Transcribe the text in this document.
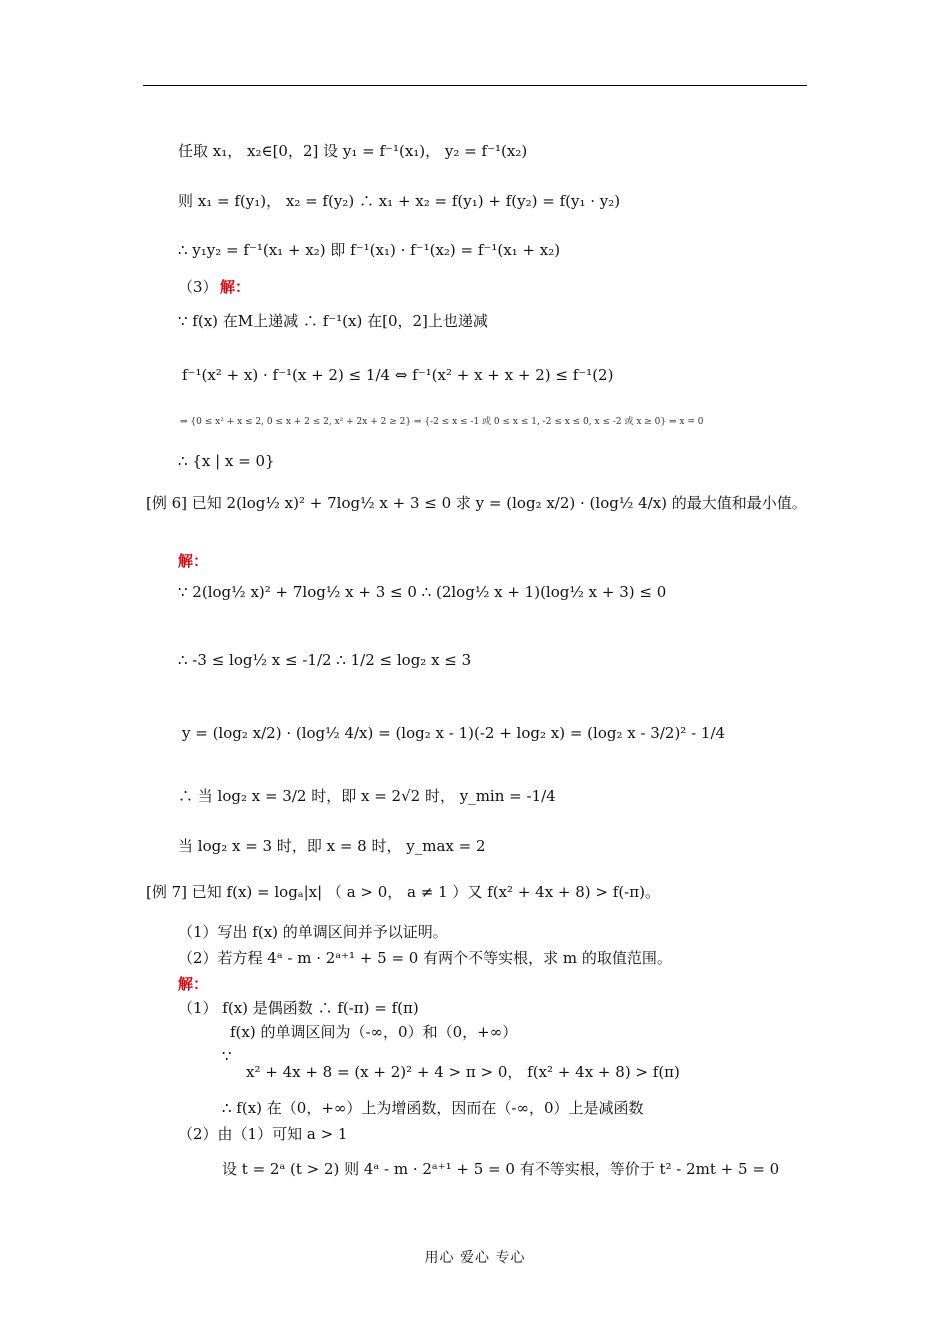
任取 x₁， x₂∈[0，2] 设 y₁ = f⁻¹(x₁)， y₂ = f⁻¹(x₂)
则 x₁ = f(y₁)， x₂ = f(y₂) ∴ x₁ + x₂ = f(y₁) + f(y₂) = f(y₁ · y₂)
∴ y₁y₂ = f⁻¹(x₁ + x₂) 即 f⁻¹(x₁) · f⁻¹(x₂) = f⁻¹(x₁ + x₂)
（3） 解：
∵ f(x) 在M上递减 ∴ f⁻¹(x) 在[0，2]上也递减
f⁻¹(x² + x) · f⁻¹(x + 2) ≤ 1/4 ⇔ f⁻¹(x² + x + x + 2) ≤ f⁻¹(2)
⇒ {0 ≤ x² + x ≤ 2, 0 ≤ x + 2 ≤ 2, x² + 2x + 2 ≥ 2} ⇒ {-2 ≤ x ≤ -1 或 0 ≤ x ≤ 1, -2 ≤ x ≤ 0, x ≤ -2 或 x ≥ 0} ⇒ x = 0
∴ {x | x = 0}
[例 6] 已知 2(log½ x)² + 7log½ x + 3 ≤ 0 求 y = (log₂ x/2) · (log½ 4/x) 的最大值和最小值。
解：
∵ 2(log½ x)² + 7log½ x + 3 ≤ 0 ∴ (2log½ x + 1)(log½ x + 3) ≤ 0
∴ -3 ≤ log½ x ≤ -1/2 ∴ 1/2 ≤ log₂ x ≤ 3
y = (log₂ x/2) · (log½ 4/x) = (log₂ x - 1)(-2 + log₂ x) = (log₂ x - 3/2)² - 1/4
∴ 当 log₂ x = 3/2 时，即 x = 2√2 时， y_min = -1/4
当 log₂ x = 3 时，即 x = 8 时， y_max = 2
[例 7] 已知 f(x) = logₐ|x| （ a > 0， a ≠ 1 ）又 f(x² + 4x + 8) > f(-π)。
（1）写出 f(x) 的单调区间并予以证明。
（2）若方程 4ᵃ - m · 2ᵃ⁺¹ + 5 = 0 有两个不等实根，求 m 的取值范围。
解：
（1） f(x) 是偶函数 ∴ f(-π) = f(π)
f(x) 的单调区间为（-∞，0）和（0，+∞）
∵
x² + 4x + 8 = (x + 2)² + 4 > π > 0， f(x² + 4x + 8) > f(π)
∴ f(x) 在（0，+∞）上为增函数，因而在（-∞，0）上是减函数
（2）由（1）可知 a > 1
设 t = 2ᵃ (t > 2) 则 4ᵃ - m · 2ᵃ⁺¹ + 5 = 0 有不等实根，等价于 t² - 2mt + 5 = 0
用心 爱心 专心
